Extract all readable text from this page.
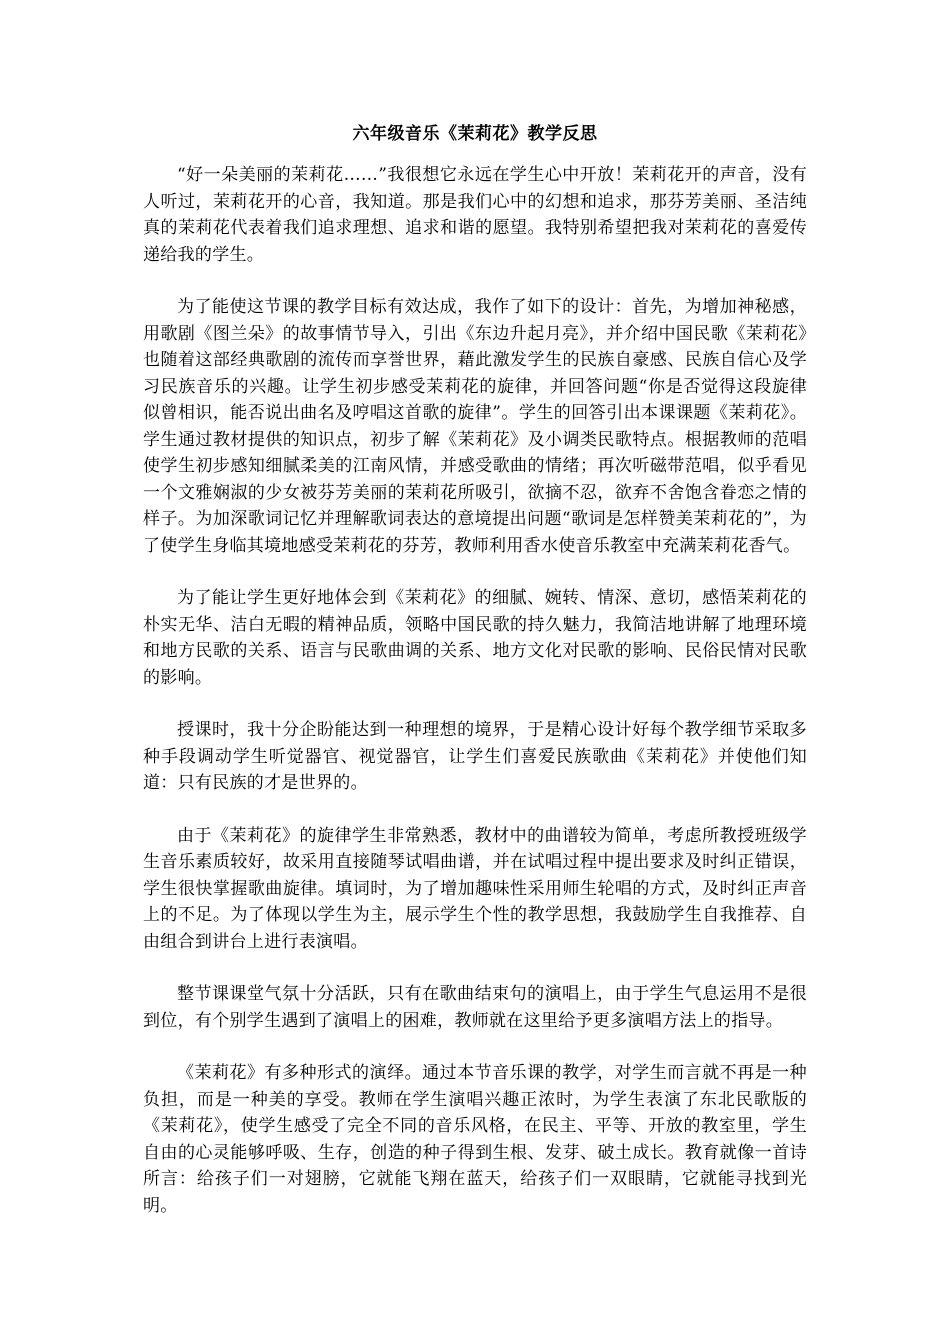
六年级音乐《茉莉花》教学反思

“好一朵美丽的茉莉花……”我很想它永远在学生心中开放！茉莉花开的声音，没有人听过，茉莉花开的心音，我知道。那是我们心中的幻想和追求，那芬芳美丽、圣洁纯真的茉莉花代表着我们追求理想、追求和谐的愿望。我特别希望把我对茉莉花的喜爱传递给我的学生。

为了能使这节课的教学目标有效达成，我作了如下的设计：首先，为增加神秘感，用歌剧《图兰朵》的故事情节导入，引出《东边升起月亮》，并介绍中国民歌《茉莉花》也随着这部经典歌剧的流传而享誉世界，藉此激发学生的民族自豪感、民族自信心及学习民族音乐的兴趣。让学生初步感受茉莉花的旋律，并回答问题“你是否觉得这段旋律似曾相识，能否说出曲名及哼唱这首歌的旋律”。学生的回答引出本课课题《茉莉花》。学生通过教材提供的知识点，初步了解《茉莉花》及小调类民歌特点。根据教师的范唱使学生初步感知细腻柔美的江南风情，并感受歌曲的情绪；再次听磁带范唱，似乎看见一个文雅娴淑的少女被芬芳美丽的茉莉花所吸引，欲摘不忍，欲弃不舍饱含眷恋之情的样子。为加深歌词记忆并理解歌词表达的意境提出问题“歌词是怎样赞美茉莉花的”，为了使学生身临其境地感受茉莉花的芬芳，教师利用香水使音乐教室中充满茉莉花香气。

为了能让学生更好地体会到《茉莉花》的细腻、婉转、情深、意切，感悟茉莉花的朴实无华、洁白无暇的精神品质，领略中国民歌的持久魅力，我简洁地讲解了地理环境和地方民歌的关系、语言与民歌曲调的关系、地方文化对民歌的影响、民俗民情对民歌的影响。

授课时，我十分企盼能达到一种理想的境界，于是精心设计好每个教学细节采取多种手段调动学生听觉器官、视觉器官，让学生们喜爱民族歌曲《茉莉花》并使他们知道：只有民族的才是世界的。

由于《茉莉花》的旋律学生非常熟悉，教材中的曲谱较为简单，考虑所教授班级学生音乐素质较好，故采用直接随琴试唱曲谱，并在试唱过程中提出要求及时纠正错误，学生很快掌握歌曲旋律。填词时，为了增加趣味性采用师生轮唱的方式，及时纠正声音上的不足。为了体现以学生为主，展示学生个性的教学思想，我鼓励学生自我推荐、自由组合到讲台上进行表演唱。

整节课课堂气氛十分活跃，只有在歌曲结束句的演唱上，由于学生气息运用不是很到位，有个别学生遇到了演唱上的困难，教师就在这里给予更多演唱方法上的指导。

《茉莉花》有多种形式的演绎。通过本节音乐课的教学，对学生而言就不再是一种负担，而是一种美的享受。教师在学生演唱兴趣正浓时，为学生表演了东北民歌版的《茉莉花》，使学生感受了完全不同的音乐风格，在民主、平等、开放的教室里，学生自由的心灵能够呼吸、生存，创造的种子得到生根、发芽、破土成长。教育就像一首诗所言：给孩子们一对翅膀，它就能飞翔在蓝天，给孩子们一双眼睛，它就能寻找到光明。
